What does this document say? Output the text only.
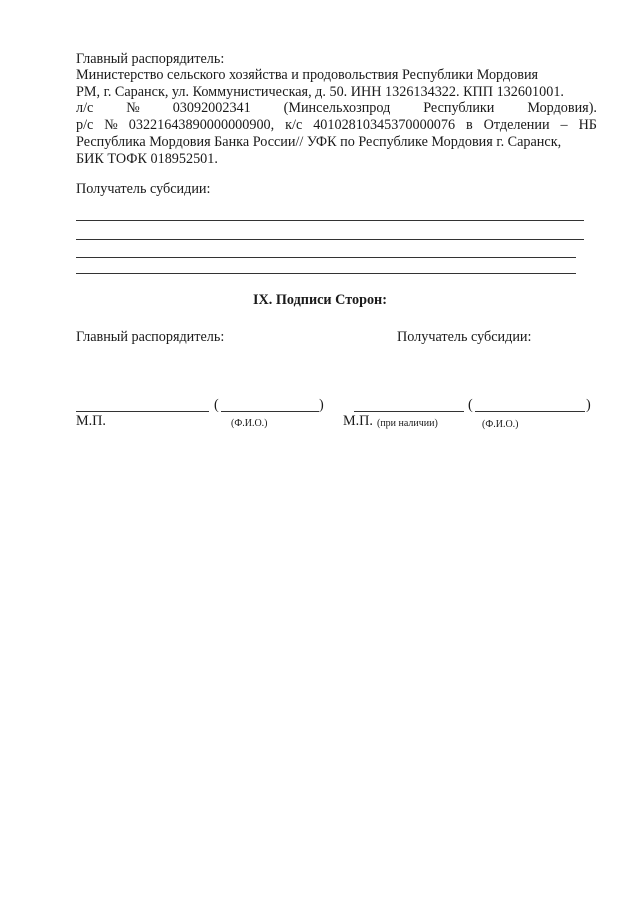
Главный распорядитель:
Министерство сельского хозяйства и продовольствия Республики Мордовия
РМ, г. Саранск, ул. Коммунистическая, д. 50. ИНН 1326134322. КПП 132601001.
л/с № 03092002341 (Минсельхозпрод Республики Мордовия).
р/с № 03221643890000000900, к/с 40102810345370000076 в Отделении – НБ
Республика Мордовия Банка России// УФК по Республике Мордовия г. Саранск,
БИК ТОФК 018952501.
Получатель субсидии:
IX. Подписи Сторон:
Главный распорядитель:	Получатель субсидии:
(	)	(	)
М.П.	(Ф.И.О.)	М.П. (при наличии)	(Ф.И.О.)
